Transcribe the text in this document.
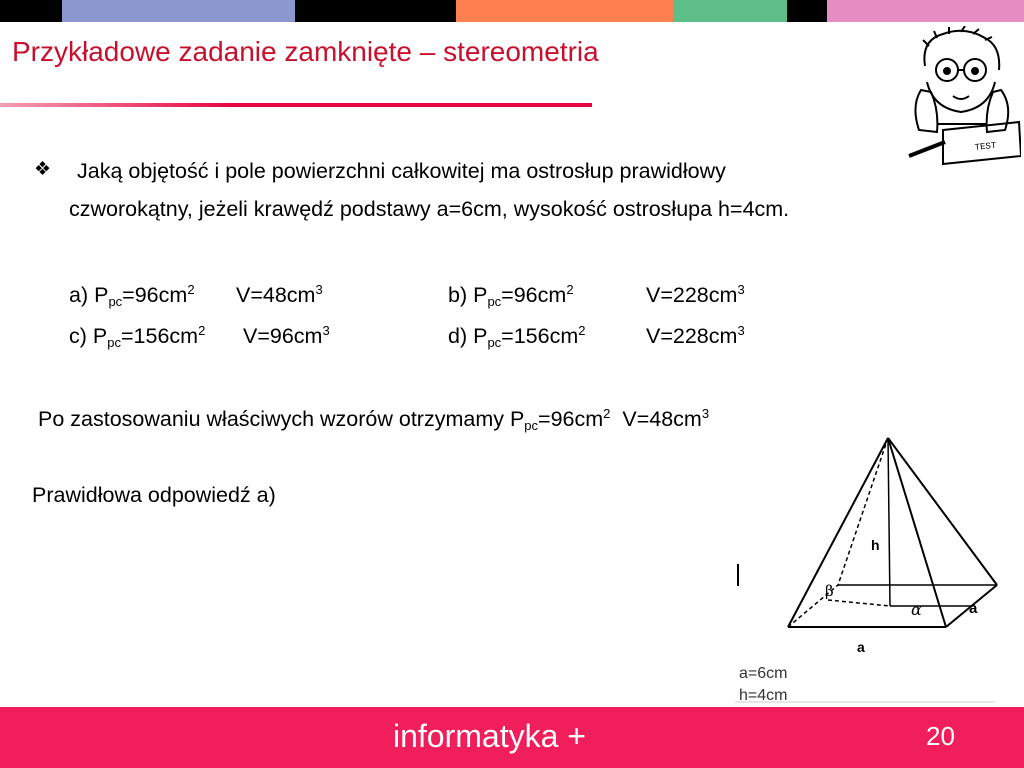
Przykładowe zadanie zamknięte – stereometria
TEST
❖ Jaką objętość i pole powierzchni całkowitej ma ostrosłup prawidłowy
czworokątny, jeżeli krawędź podstawy a=6cm, wysokość ostrosłupa h=4cm.
a) $P_{pc}=96cm^2$ $V=48cm^3$	b) $P_{pc}=96cm^2$	$V=228cm^3$
c) $P_{pc}=156cm^2$ $V=96cm^3$	d) $P_{pc}=156cm^2$	$V=228cm^3$
Po zastosowaniu właściwych wzorów otrzymamy $P_{pc}=96cm^2$ $V=48cm^3$
Prawidłowa odpowiedź a)
h
β
α	a
a
a=6cm
h=4cm
informatyka +	20
